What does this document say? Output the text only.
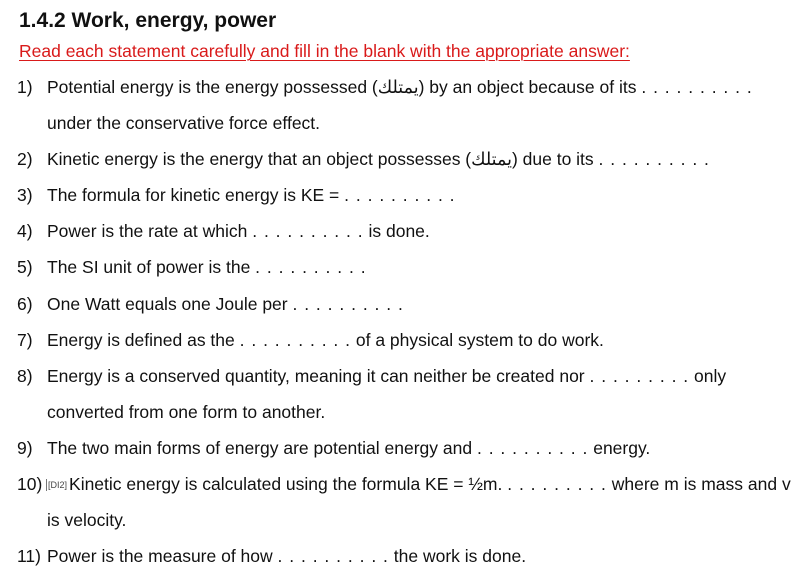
1.4.2 Work, energy, power
Read each statement carefully and fill in the blank with the appropriate answer:
1) Potential energy is the energy possessed (يمتلك) by an object because of its . . . . . . . . . .
under the conservative force effect.
2) Kinetic energy is the energy that an object possesses (يمتلك) due to its . . . . . . . . . .
3) The formula for kinetic energy is KE = . . . . . . . . . .
4) Power is the rate at which . . . . . . . . . . is done.
5) The SI unit of power is the . . . . . . . . . .
6) One Watt equals one Joule per . . . . . . . . . .
7) Energy is defined as the . . . . . . . . . . of a physical system to do work.
8) Energy is a conserved quantity, meaning it can neither be created nor . . . . . . . . . only
converted from one form to another.
9) The two main forms of energy are potential energy and . . . . . . . . . . energy.
10) [DI2] Kinetic energy is calculated using the formula KE = ½m. . . . . . . . . . where m is mass and v
is velocity.
11) Power is the measure of how . . . . . . . . . . the work is done.
